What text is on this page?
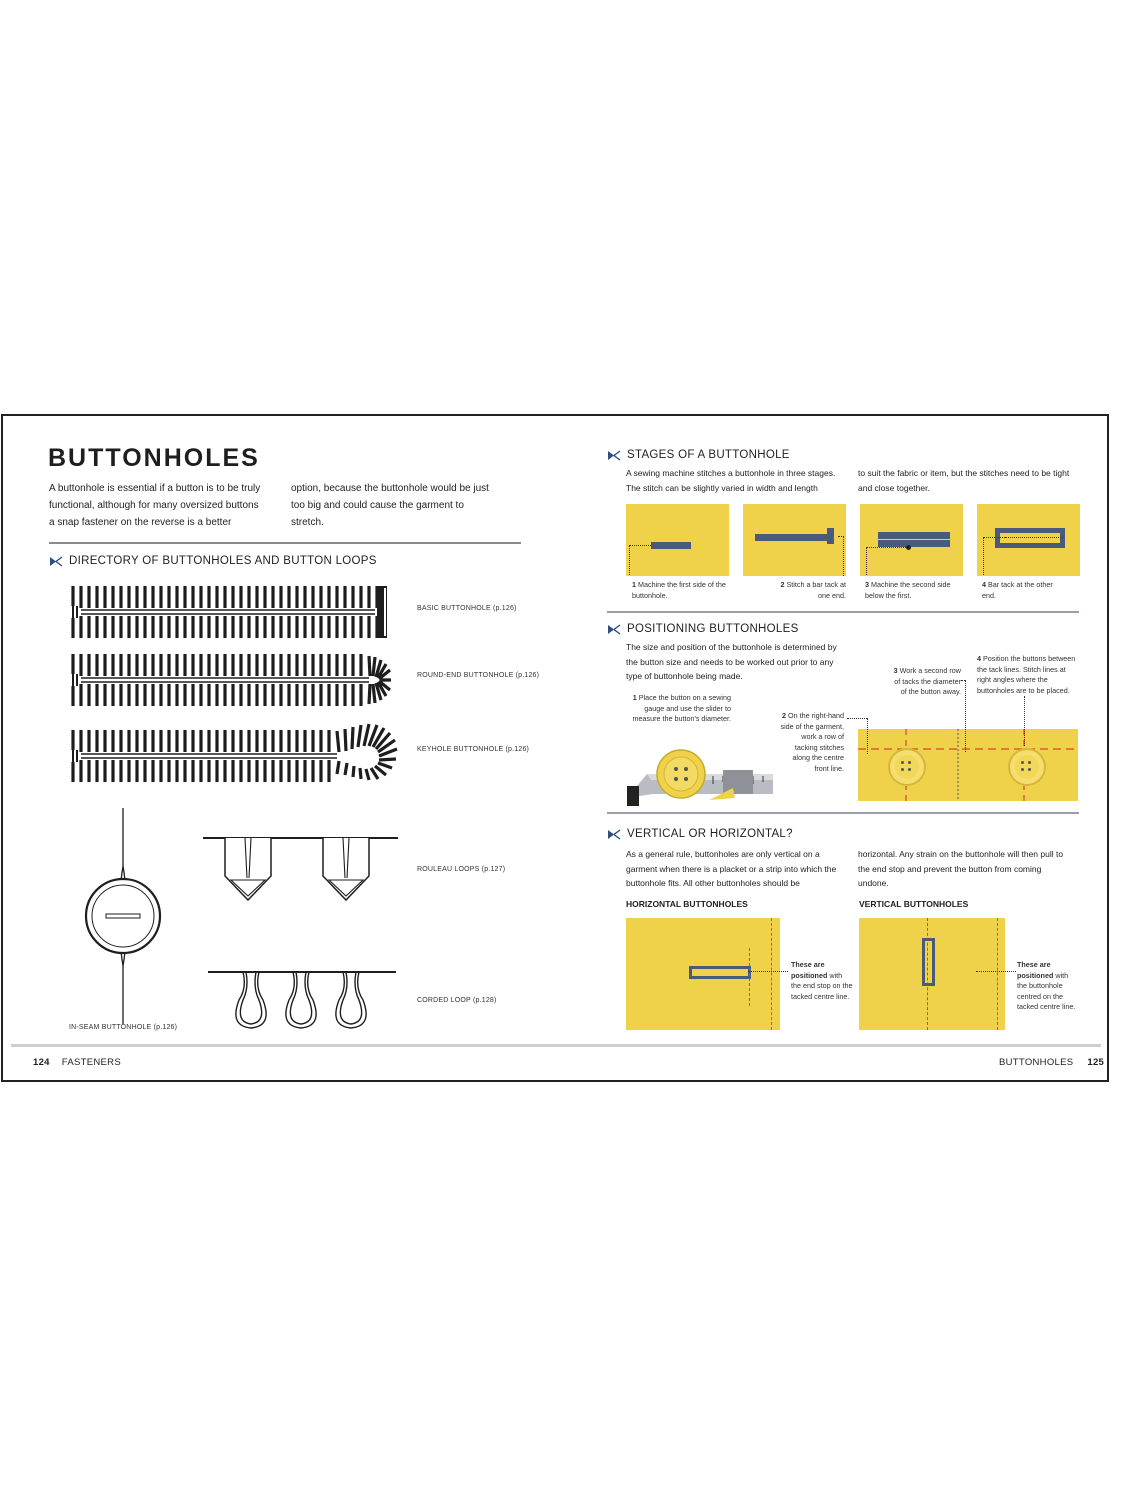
BUTTONHOLES
A buttonhole is essential if a button is to be truly functional, although for many oversized buttons a snap fastener on the reverse is a better
option, because the buttonhole would be just too big and could cause the garment to stretch.
DIRECTORY OF BUTTONHOLES AND BUTTON LOOPS
BASIC BUTTONHOLE (p.126)
ROUND-END BUTTONHOLE (p.126)
KEYHOLE BUTTONHOLE (p.126)
IN-SEAM BUTTONHOLE (p.126)
ROULEAU LOOPS (p.127)
CORDED LOOP (p.128)
124 FASTENERS
STAGES OF A BUTTONHOLE
A sewing machine stitches a buttonhole in three stages. The stitch can be slightly varied in width and length
to suit the fabric or item, but the stitches need to be tight and close together.
1 Machine the first side of the buttonhole.
2 Stitch a bar tack at one end.
3 Machine the second side below the first.
4 Bar tack at the other end.
POSITIONING BUTTONHOLES
The size and position of the buttonhole is determined by the button size and needs to be worked out prior to any type of buttonhole being made.
1 Place the button on a sewing gauge and use the slider to measure the button's diameter.	2 On the right-hand side of the garment, work a row of tacking stitches along the centre front line.
3 Work a second row of tacks the diameter of the button away.
4 Position the buttons between the tack lines. Stitch lines at right angles where the buttonholes are to be placed.
VERTICAL OR HORIZONTAL?
As a general rule, buttonholes are only vertical on a garment when there is a placket or a strip into which the buttonhole fits. All other buttonholes should be
horizontal. Any strain on the buttonhole will then pull to the end stop and prevent the button from coming undone.
HORIZONTAL BUTTONHOLES	VERTICAL BUTTONHOLES
These are positioned with the end stop on the tacked centre line.
These are positioned with the buttonhole centred on the tacked centre line.
BUTTONHOLES 125
